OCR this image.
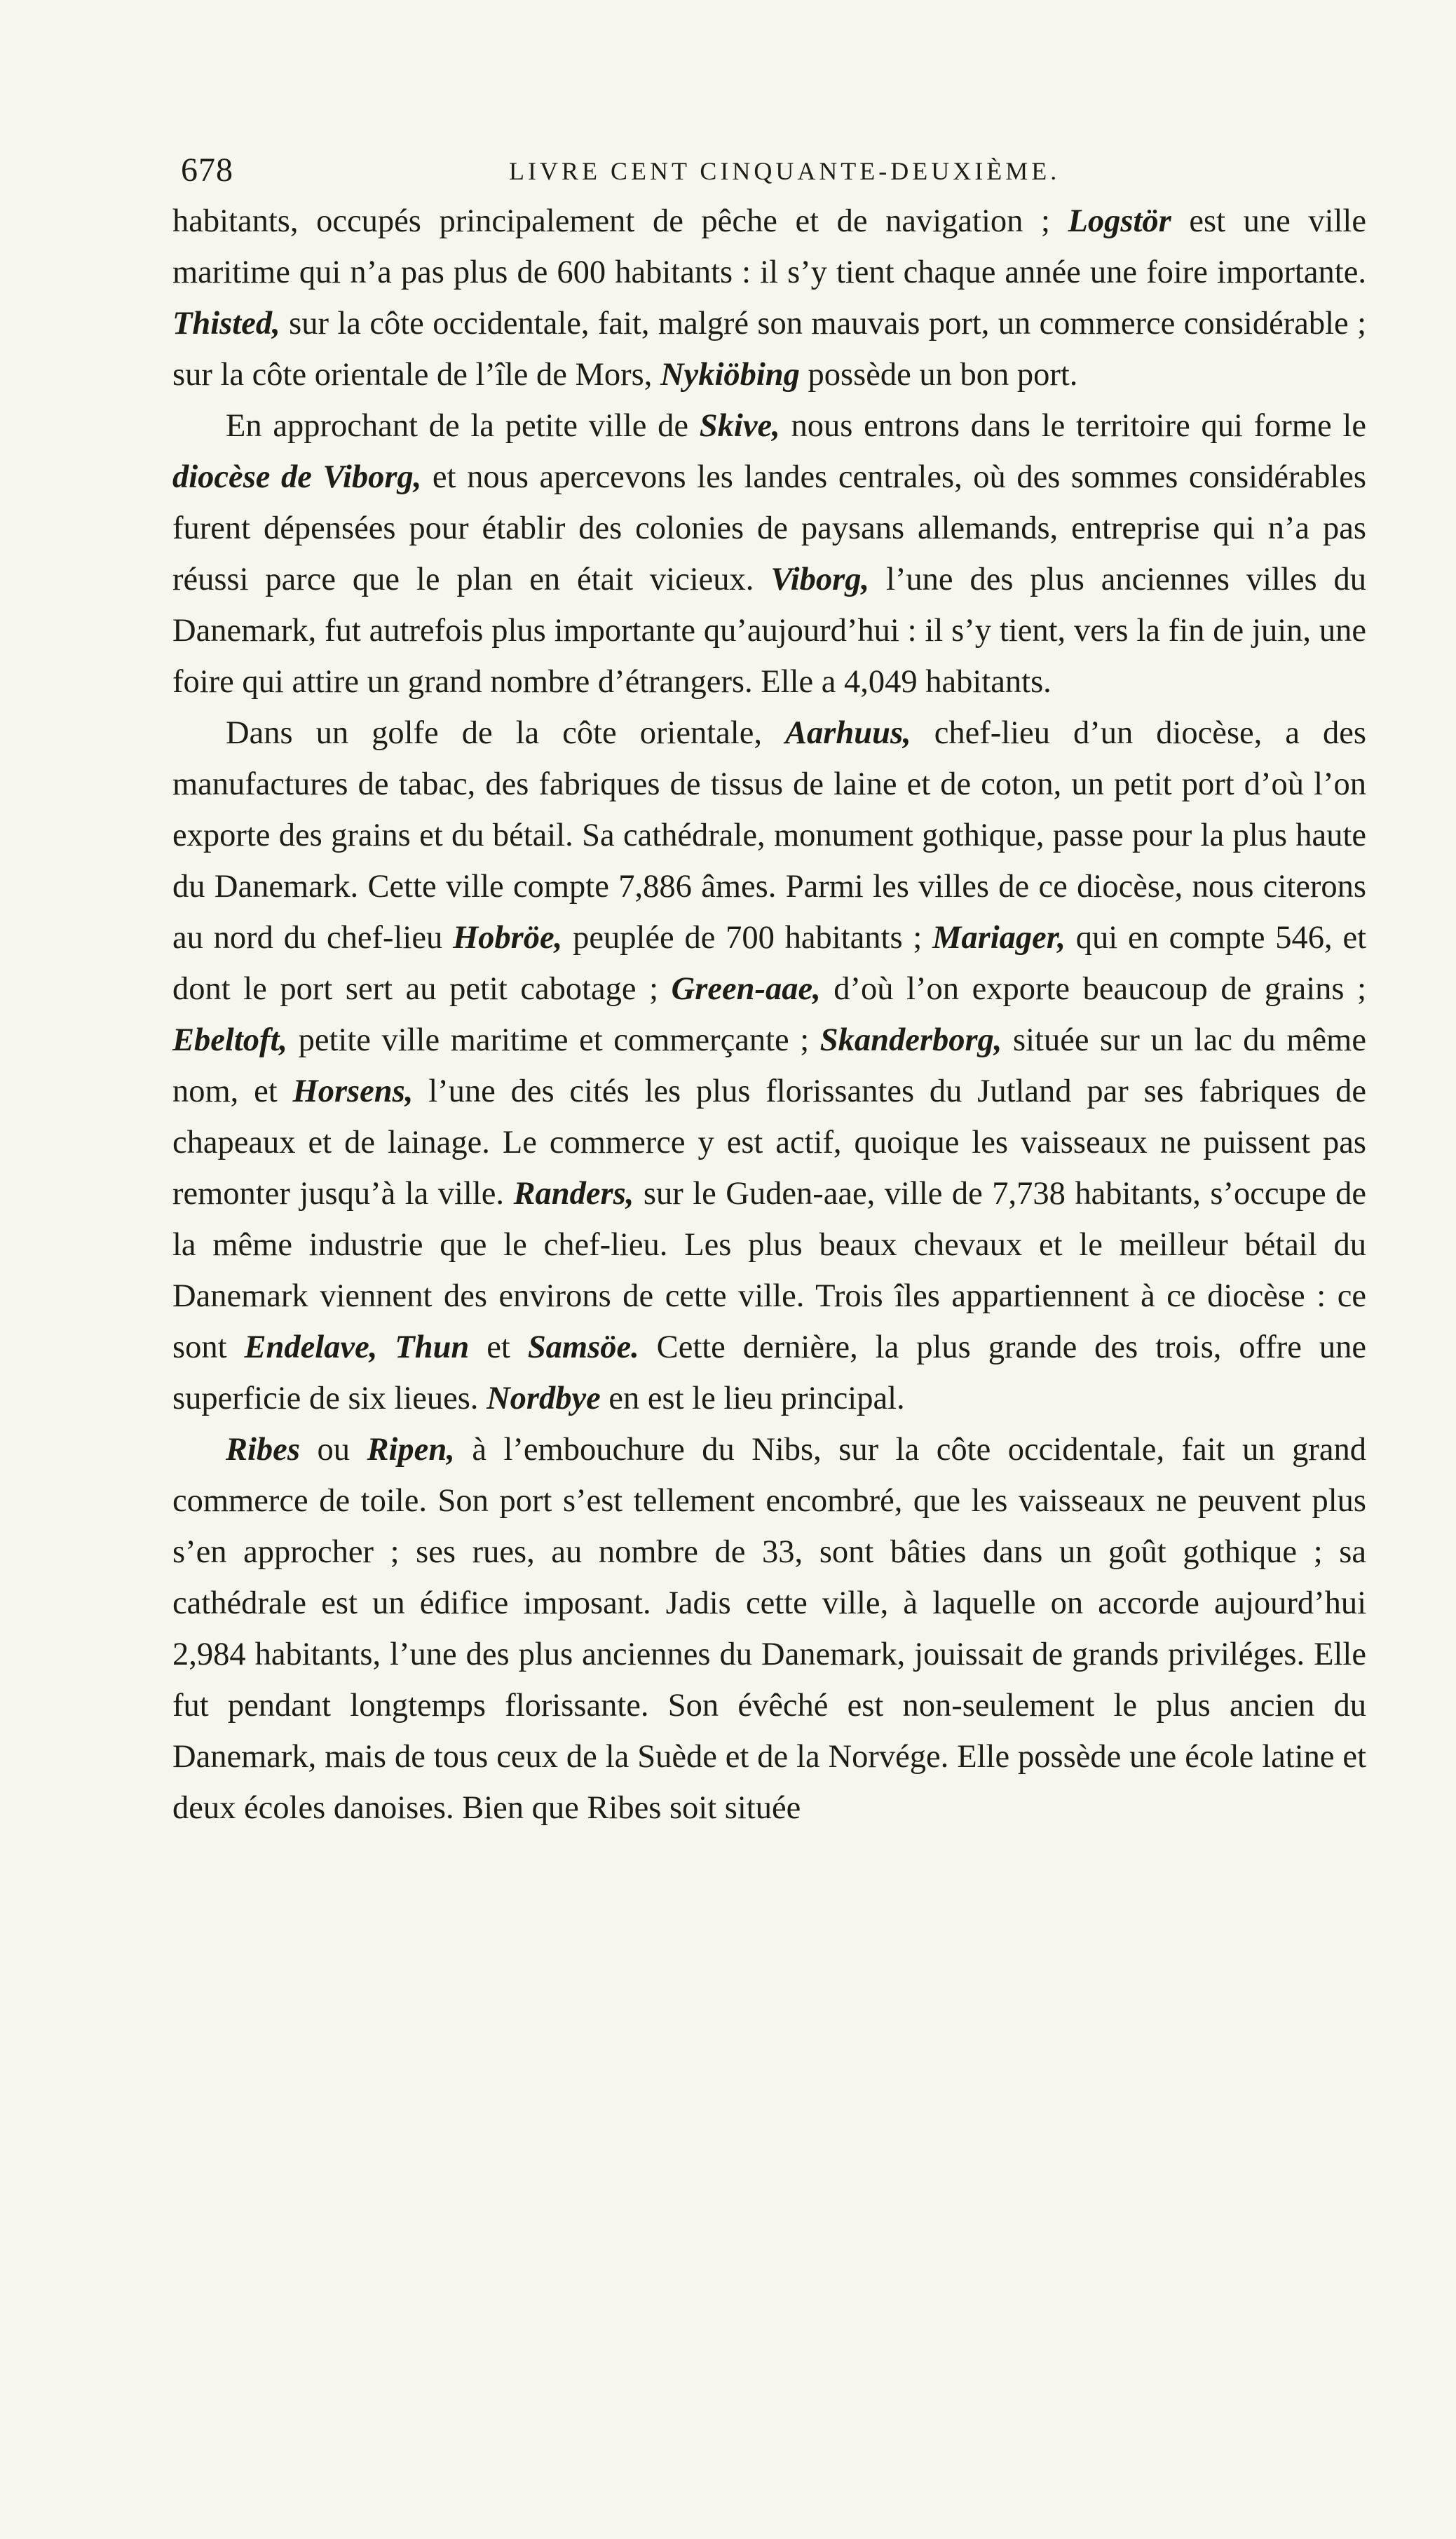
678	LIVRE CENT CINQUANTE-DEUXIÈME.

habitants, occupés principalement de pêche et de navigation ; Logstör est une ville maritime qui n’a pas plus de 600 habitants : il s’y tient chaque année une foire importante. Thisted, sur la côte occidentale, fait, malgré son mauvais port, un commerce considérable ; sur la côte orientale de l’île de Mors, Nykiöbing possède un bon port.

En approchant de la petite ville de Skive, nous entrons dans le territoire qui forme le diocèse de Viborg, et nous apercevons les landes centrales, où des sommes considérables furent dépensées pour établir des colonies de paysans allemands, entreprise qui n’a pas réussi parce que le plan en était vicieux. Viborg, l’une des plus anciennes villes du Danemark, fut autrefois plus importante qu’aujourd’hui : il s’y tient, vers la fin de juin, une foire qui attire un grand nombre d’étrangers. Elle a 4,049 habitants.

Dans un golfe de la côte orientale, Aarhuus, chef-lieu d’un diocèse, a des manufactures de tabac, des fabriques de tissus de laine et de coton, un petit port d’où l’on exporte des grains et du bétail. Sa cathédrale, monument gothique, passe pour la plus haute du Danemark. Cette ville compte 7,886 âmes. Parmi les villes de ce diocèse, nous citerons au nord du chef-lieu Hobröe, peuplée de 700 habitants ; Mariager, qui en compte 546, et dont le port sert au petit cabotage ; Green-aae, d’où l’on exporte beaucoup de grains ; Ebeltoft, petite ville maritime et commerçante ; Skanderborg, située sur un lac du même nom, et Horsens, l’une des cités les plus florissantes du Jutland par ses fabriques de chapeaux et de lainage. Le commerce y est actif, quoique les vaisseaux ne puissent pas remonter jusqu’à la ville. Randers, sur le Guden-aae, ville de 7,738 habitants, s’occupe de la même industrie que le chef-lieu. Les plus beaux chevaux et le meilleur bétail du Danemark viennent des environs de cette ville. Trois îles appartiennent à ce diocèse : ce sont Endelave, Thun et Samsöe. Cette dernière, la plus grande des trois, offre une superficie de six lieues. Nordbye en est le lieu principal.

Ribes ou Ripen, à l’embouchure du Nibs, sur la côte occidentale, fait un grand commerce de toile. Son port s’est tellement encombré, que les vaisseaux ne peuvent plus s’en approcher ; ses rues, au nombre de 33, sont bâties dans un goût gothique ; sa cathédrale est un édifice imposant. Jadis cette ville, à laquelle on accorde aujourd’hui 2,984 habitants, l’une des plus anciennes du Danemark, jouissait de grands priviléges. Elle fut pendant longtemps florissante. Son évêché est non-seulement le plus ancien du Danemark, mais de tous ceux de la Suède et de la Norvége. Elle possède une école latine et deux écoles danoises. Bien que Ribes soit située
